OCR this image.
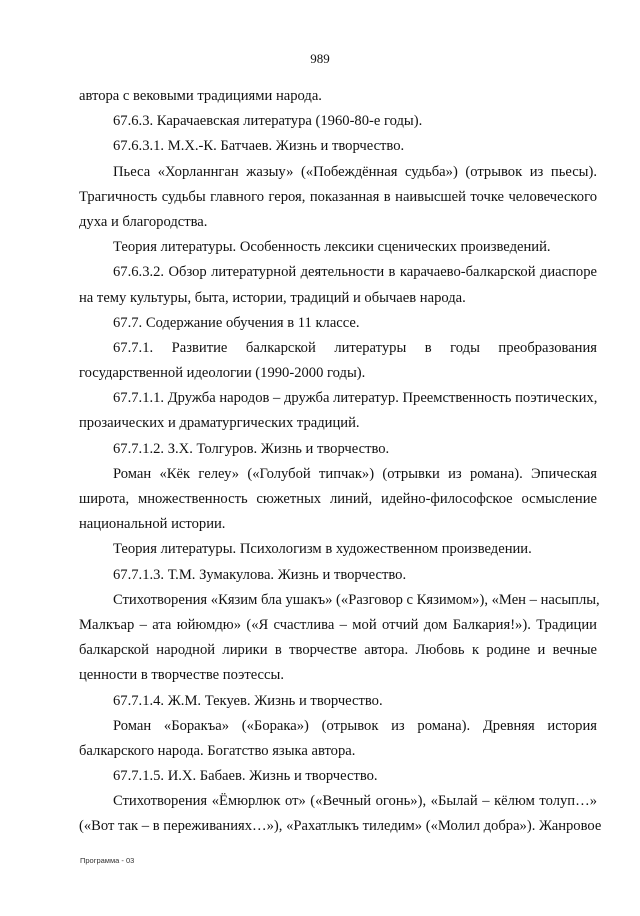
989
автора с вековыми традициями народа.
67.6.3. Карачаевская литература (1960-80-е годы).
67.6.3.1. М.Х.-К. Батчаев. Жизнь и творчество.
Пьеса «Хорланнган жазыу» («Побеждённая судьба») (отрывок из пьесы).
Трагичность судьбы главного героя, показанная в наивысшей точке человеческого
духа и благородства.
Теория литературы. Особенность лексики сценических произведений.
67.6.3.2. Обзор литературной деятельности в карачаево-балкарской диаспоре
на тему культуры, быта, истории, традиций и обычаев народа.
67.7. Содержание обучения в 11 классе.
67.7.1. Развитие балкарской литературы в годы преобразования
государственной идеологии (1990-2000 годы).
67.7.1.1. Дружба народов – дружба литератур. Преемственность поэтических,
прозаических и драматургических традиций.
67.7.1.2. З.Х. Толгуров. Жизнь и творчество.
Роман «Кёк гелеу» («Голубой типчак») (отрывки из романа). Эпическая
широта, множественность сюжетных линий, идейно-философское осмысление
национальной истории.
Теория литературы. Психологизм в художественном произведении.
67.7.1.3. Т.М. Зумакулова. Жизнь и творчество.
Стихотворения «Кязим бла ушакъ» («Разговор с Кязимом»), «Мен – насыплы,
Малкъар – ата юйюмдю» («Я счастлива – мой отчий дом Балкария!»). Традиции
балкарской народной лирики в творчестве автора. Любовь к родине и вечные
ценности в творчестве поэтессы.
67.7.1.4. Ж.М. Текуев. Жизнь и творчество.
Роман «Боракъа» («Борака») (отрывок из романа). Древняя история
балкарского народа. Богатство языка автора.
67.7.1.5. И.Х. Бабаев. Жизнь и творчество.
Стихотворения «Ёмюрлюк от» («Вечный огонь»), «Былай – кёлюм толуп…»
(«Вот так – в переживаниях…»), «Рахатлыкъ тиледим» («Молил добра»). Жанровое
Программа - 03
